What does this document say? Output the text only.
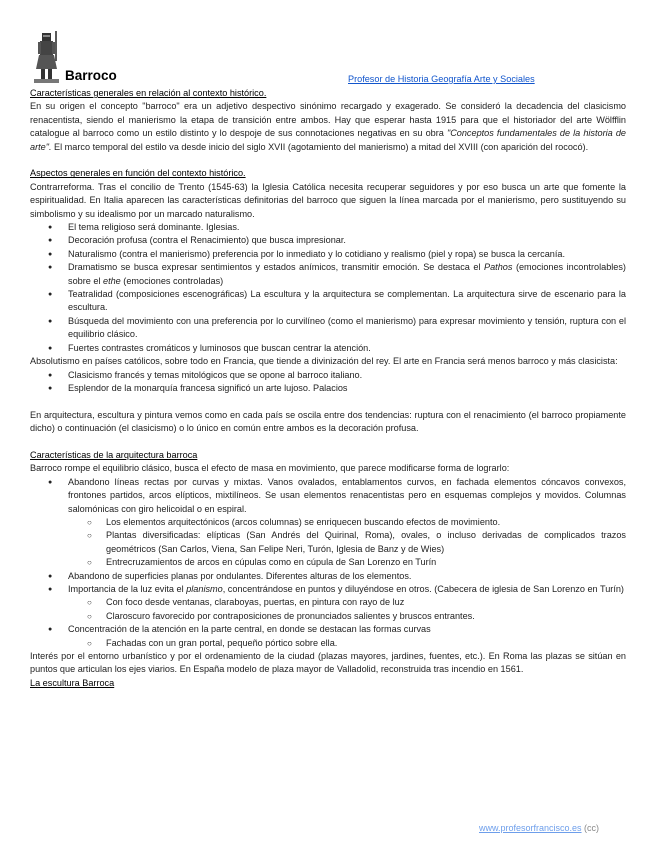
Barroco	Profesor de Historia Geografía Arte y Sociales
Características generales en relación al contexto histórico.

En su origen el concepto "barroco" era un adjetivo despectivo sinónimo recargado y exagerado. Se consideró la decadencia del clasicismo renacentista, siendo el manierismo la etapa de transición entre ambos. Hay que esperar hasta 1915 para que el historiador del arte Wölfflin catalogue al barroco como un estilo distinto y lo despoje de sus connotaciones negativas en su obra "Conceptos fundamentales de la historia de arte". El marco temporal del estilo va desde inicio del siglo XVII (agotamiento del manierismo) a mitad del XVIII (con aparición del rococó).

Aspectos generales en función del contexto histórico.

Contrarreforma. Tras el concilio de Trento (1545-63) la Iglesia Católica necesita recuperar seguidores y por eso busca un arte que fomente la espiritualidad. En Italia aparecen las características definitorias del barroco que siguen la línea marcada por el manierismo, pero sustituyendo su simbolismo y su idealismo por un marcado naturalismo.

● El tema religioso será dominante. Iglesias.
● Decoración profusa (contra el Renacimiento) que busca impresionar.
● Naturalismo (contra el manierismo) preferencia por lo inmediato y lo cotidiano y realismo (piel y ropa) se busca la cercanía.
● Dramatismo se busca expresar sentimientos y estados anímicos, transmitir emoción. Se destaca el Pathos (emociones incontrolables) sobre el ethe (emociones controladas)
● Teatralidad (composiciones escenográficas) La escultura y la arquitectura se complementan. La arquitectura sirve de escenario para la escultura.
● Búsqueda del movimiento con una preferencia por lo curvilíneo (como el manierismo) para expresar movimiento y tensión, ruptura con el equilibrio clásico.
● Fuertes contrastes cromáticos y luminosos que buscan centrar la atención.

Absolutismo en países católicos, sobre todo en Francia, que tiende a divinización del rey. El arte en Francia será menos barroco y más clasicista:

● Clasicismo francés y temas mitológicos que se opone al barroco italiano.
● Esplendor de la monarquía francesa significó un arte lujoso. Palacios

En arquitectura, escultura y pintura vemos como en cada país se oscila entre dos tendencias: ruptura con el renacimiento (el barroco propiamente dicho) o continuación (el clasicismo) o lo único en común entre ambos es la decoración profusa.

Características de la arquitectura barroca

Barroco rompe el equilibrio clásico, busca el efecto de masa en movimiento, que parece modificarse forma de lograrlo:

● Abandono líneas rectas por curvas y mixtas. Vanos ovalados, entablamentos curvos, en fachada elementos cóncavos convexos, frontones partidos, arcos elípticos, mixtilíneos. Se usan elementos renacentistas pero en esquemas complejos y movidos. Columnas salomónicas con giro helicoidal o en espiral.
○ Los elementos arquitectónicos (arcos columnas) se enriquecen buscando efectos de movimiento.
○ Plantas diversificadas: elípticas (San Andrés del Quirinal, Roma), ovales, o incluso derivadas de complicados trazos geométricos (San Carlos, Viena, San Felipe Neri, Turón, Iglesia de Banz y de Wies)
○ Entrecruzamientos de arcos en cúpulas como en cúpula de San Lorenzo en Turín
● Abandono de superficies planas por ondulantes. Diferentes alturas de los elementos.
● Importancia de la luz evita el planismo, concentrándose en puntos y diluyéndose en otros. (Cabecera de iglesia de San Lorenzo en Turín)
○ Con foco desde ventanas, claraboyas, puertas, en pintura con rayo de luz
○ Claroscuro favorecido por contraposiciones de pronunciados salientes y bruscos entrantes.
● Concentración de la atención en la parte central, en donde se destacan las formas curvas
○ Fachadas con un gran portal, pequeño pórtico sobre ella.

Interés por el entorno urbanístico y por el ordenamiento de la ciudad (plazas mayores, jardines, fuentes, etc.). En Roma las plazas se sitúan en puntos que articulan los ejes viarios. En España modelo de plaza mayor de Valladolid, reconstruida tras incendio en 1561.

La escultura Barroca
www.profesorfrancisco.es (cc)
